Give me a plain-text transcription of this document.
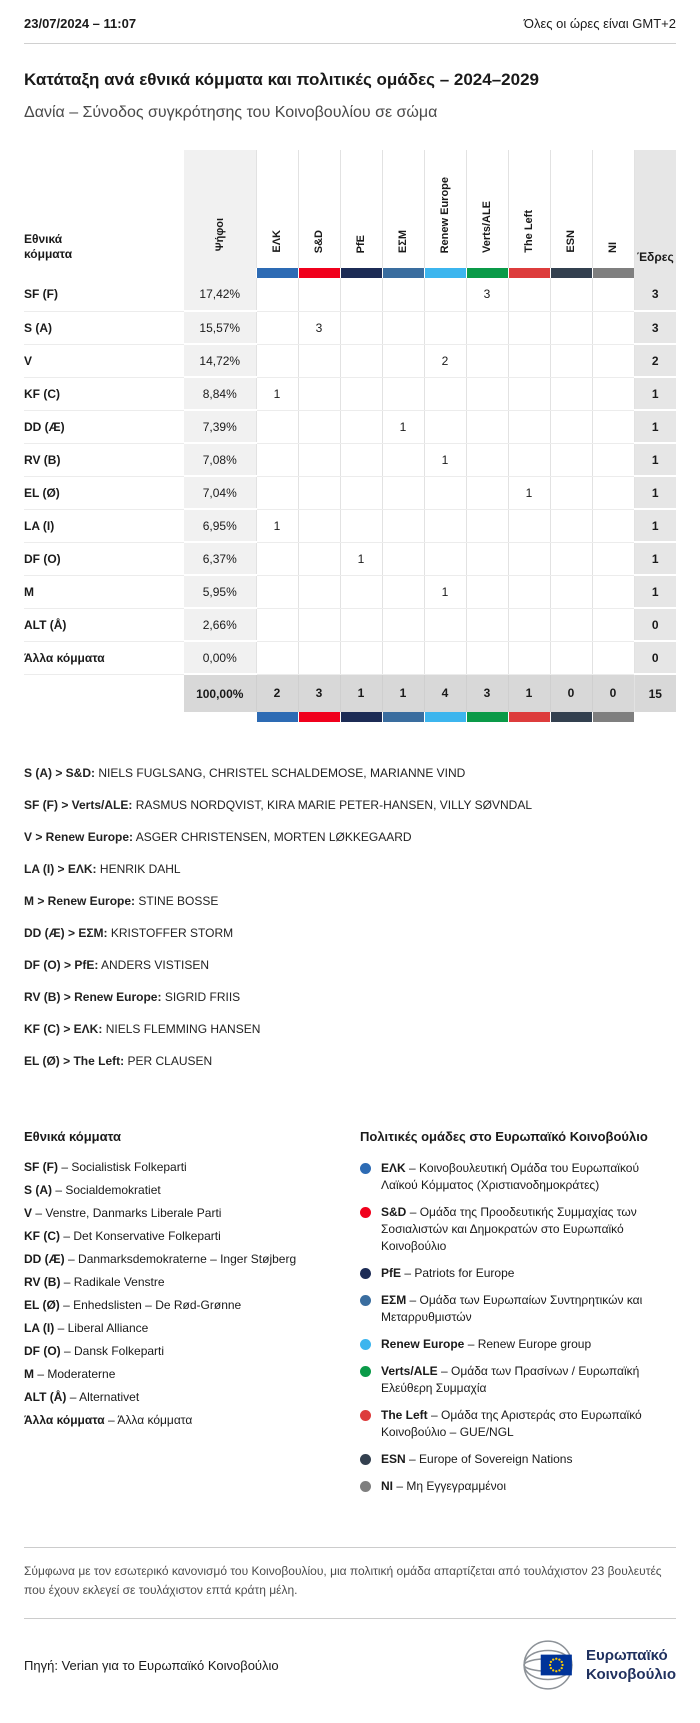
23/07/2024 – 11:07	Όλες οι ώρες είναι GMT+2
Κατάταξη ανά εθνικά κόμματα και πολιτικές ομάδες – 2024–2029
Δανία – Σύνοδος συγκρότησης του Κοινοβουλίου σε σώμα
Εθνικά κόμματα	Ψήφοι	ΕΛΚ	S&D	PfE	ΕΣΜ	Renew Europe	Verts/ALE	The Left	ESN	NI	Έδρες

SF (F)	17,42%						3				3
S (A)	15,57%		3								3
V	14,72%					2					2
KF (C)	8,84%	1									1
DD (Æ)	7,39%				1						1
RV (B)	7,08%					1					1
EL (Ø)	7,04%							1			1
LA (I)	6,95%	1									1
DF (O)	6,37%			1							1
M	5,95%					1					1
ALT (Å)	2,66%										0
Άλλα κόμματα	0,00%										0
	100,00%	2	3	1	1	4	3	1	0	0	15

S (A) > S&D: NIELS FUGLSANG, CHRISTEL SCHALDEMOSE, MARIANNE VIND

SF (F) > Verts/ALE: RASMUS NORDQVIST, KIRA MARIE PETER-HANSEN, VILLY SØVNDAL

V > Renew Europe: ASGER CHRISTENSEN, MORTEN LØKKEGAARD

LA (I) > ΕΛΚ: HENRIK DAHL

M > Renew Europe: STINE BOSSE

DD (Æ) > ΕΣΜ: KRISTOFFER STORM

DF (O) > PfE: ANDERS VISTISEN

RV (B) > Renew Europe: SIGRID FRIIS

KF (C) > ΕΛΚ: NIELS FLEMMING HANSEN

EL (Ø) > The Left: PER CLAUSEN

Εθνικά κόμματα

SF (F) – Socialistisk Folkeparti

S (A) – Socialdemokratiet

V – Venstre, Danmarks Liberale Parti

KF (C) – Det Konservative Folkeparti

DD (Æ) – Danmarksdemokraterne – Inger Støjberg

RV (B) – Radikale Venstre

EL (Ø) – Enhedslisten – De Rød-Grønne

LA (I) – Liberal Alliance

DF (O) – Dansk Folkeparti

M – Moderaterne

ALT (Å) – Alternativet

Άλλα κόμματα – Άλλα κόμματα

Πολιτικές ομάδες στο Ευρωπαϊκό Κοινοβούλιο

ΕΛΚ – Κοινοβουλευτική Ομάδα του Ευρωπαϊκού Λαϊκού Κόμματος (Χριστιανοδημοκράτες)

S&D – Ομάδα της Προοδευτικής Συμμαχίας των Σοσιαλιστών και Δημοκρατών στο Ευρωπαϊκό Κοινοβούλιο

PfE – Patriots for Europe

ΕΣΜ – Ομάδα των Ευρωπαίων Συντηρητικών και Μεταρρυθμιστών

Renew Europe – Renew Europe group

Verts/ALE – Ομάδα των Πρασίνων / Ευρωπαϊκή Ελεύθερη Συμμαχία

The Left – Ομάδα της Αριστεράς στο Ευρωπαϊκό Κοινοβούλιο – GUE/NGL

ESN – Europe of Sovereign Nations

NI – Μη Εγγεγραμμένοι

Σύμφωνα με τον εσωτερικό κανονισμό του Κοινοβουλίου, μια πολιτική ομάδα απαρτίζεται από τουλάχιστον 23 βουλευτές που έχουν εκλεγεί σε τουλάχιστον επτά κράτη μέλη.

Πηγή: Verian για το Ευρωπαϊκό Κοινοβούλιο
Ευρωπαϊκό
Κοινοβούλιο
